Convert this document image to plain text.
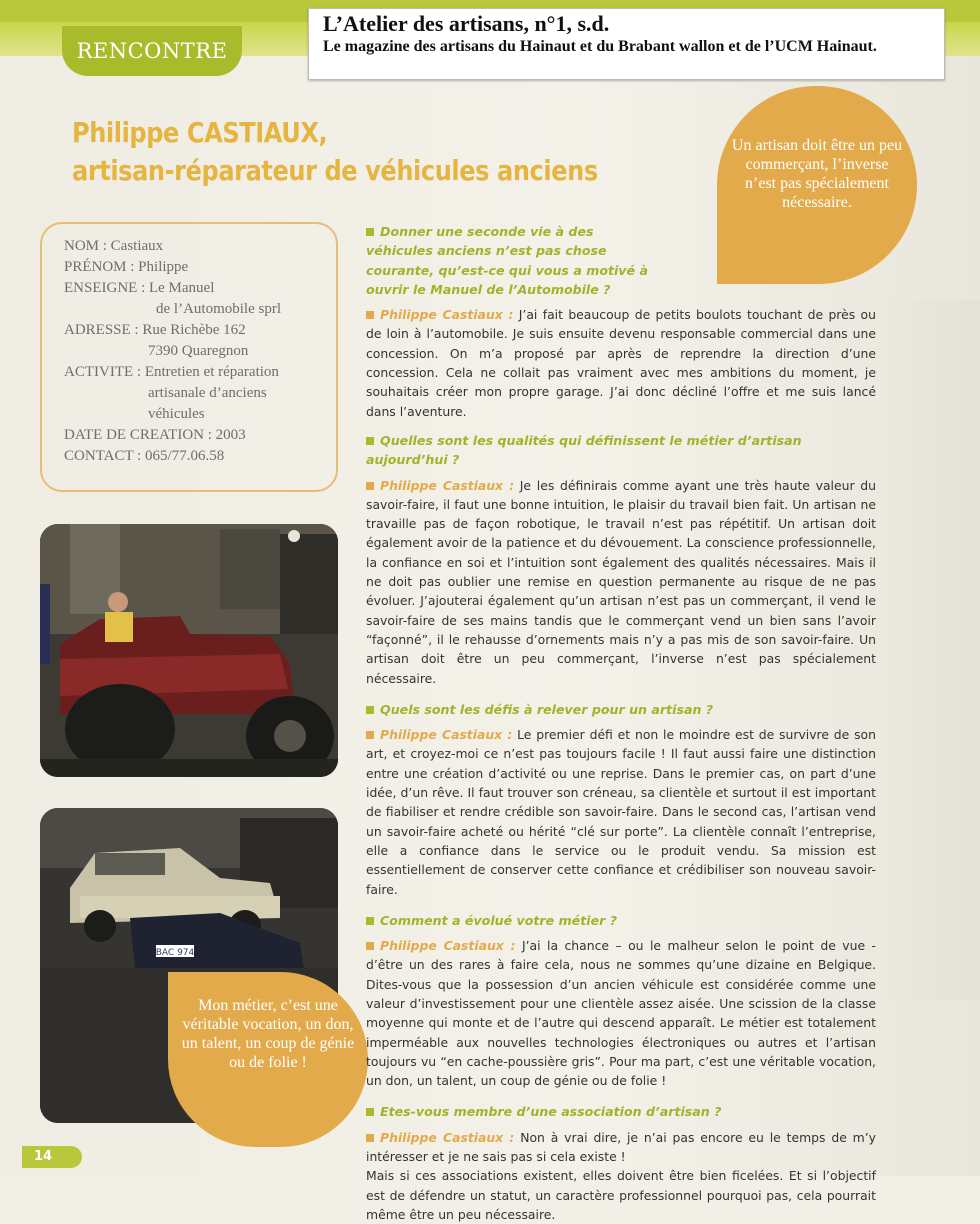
RENCONTRE
L’Atelier des artisans, n°1, s.d.
Le magazine des artisans du Hainaut et du Brabant wallon et de l’UCM Hainaut.
Philippe CASTIAUX,
artisan-réparateur de véhicules anciens
Un artisan doit être un peu commerçant, l’inverse n’est pas spécialement nécessaire.
NOM : Castiaux
PRÉNOM : Philippe
ENSEIGNE : Le Manuel
de l’Automobile sprl
ADRESSE : Rue Richèbe 162
7390 Quaregnon
ACTIVITE : Entretien et réparation
artisanale d’anciens
véhicules
DATE DE CREATION : 2003
CONTACT : 065/77.06.58
BAC 974
Mon métier, c’est une véritable vocation, un don, un talent, un coup de génie ou de folie !
Donner une seconde vie à des véhicules anciens n’est pas chose courante, qu’est-ce qui vous a motivé à ouvrir le Manuel de l’Automobile ?
Philippe Castiaux : J’ai fait beaucoup de petits boulots touchant de près ou de loin à l’automobile. Je suis ensuite devenu responsable commercial dans une concession. On m’a proposé par après de reprendre la direction d’une concession. Cela ne collait pas vraiment avec mes ambitions du moment, je souhaitais créer mon propre garage. J’ai donc décliné l’offre et me suis lancé dans l’aventure.
Quelles sont les qualités qui définissent le métier d’artisan aujourd’hui ?
Philippe Castiaux : Je les définirais comme ayant une très haute valeur du savoir-faire, il faut une bonne intuition, le plaisir du travail bien fait. Un artisan ne travaille pas de façon robotique, le travail n’est pas répétitif. Un artisan doit également avoir de la patience et du dévouement. La conscience professionnelle, la confiance en soi et l’intuition sont également des qualités nécessaires. Mais il ne doit pas oublier une remise en question permanente au risque de ne pas évoluer. J’ajouterai également qu’un artisan n’est pas un commerçant, il vend le savoir-faire de ses mains tandis que le commerçant vend un bien sans l’avoir “façonné”, il le rehausse d’ornements mais n’y a pas mis de son savoir-faire. Un artisan doit être un peu commerçant, l’inverse n’est pas spécialement nécessaire.
Quels sont les défis à relever pour un artisan ?
Philippe Castiaux : Le premier défi et non le moindre est de survivre de son art, et croyez-moi ce n’est pas toujours facile ! Il faut aussi faire une distinction entre une création d’activité ou une reprise. Dans le premier cas, on part d’une idée, d’un rêve. Il faut trouver son créneau, sa clientèle et surtout il est important de fiabiliser et rendre crédible son savoir-faire. Dans le second cas, l’artisan vend un savoir-faire acheté ou hérité “clé sur porte”. La clientèle connaît l’entreprise, elle a confiance dans le service ou le produit vendu. Sa mission est essentiellement de conserver cette confiance et crédibiliser son nouveau savoir-faire.
Comment a évolué votre métier ?
Philippe Castiaux : J’ai la chance – ou le malheur selon le point de vue - d’être un des rares à faire cela, nous ne sommes qu’une dizaine en Belgique. Dites-vous que la possession d’un ancien véhicule est considérée comme une valeur d’investissement pour une clientèle assez aisée. Une scission de la classe moyenne qui monte et de l’autre qui descend apparaît. Le métier est totalement imperméable aux nouvelles technologies électroniques ou autres et l’artisan toujours vu “en cache-poussière gris”. Pour ma part, c’est une véritable vocation, un don, un talent, un coup de génie ou de folie !
Etes-vous membre d’une association d’artisan ?
Philippe Castiaux : Non à vrai dire, je n’ai pas encore eu le temps de m’y intéresser et je ne sais pas si cela existe !
Mais si ces associations existent, elles doivent être bien ficelées. Et si l’objectif est de défendre un statut, un caractère professionnel pourquoi pas, cela pourrait même être un peu nécessaire.
14
